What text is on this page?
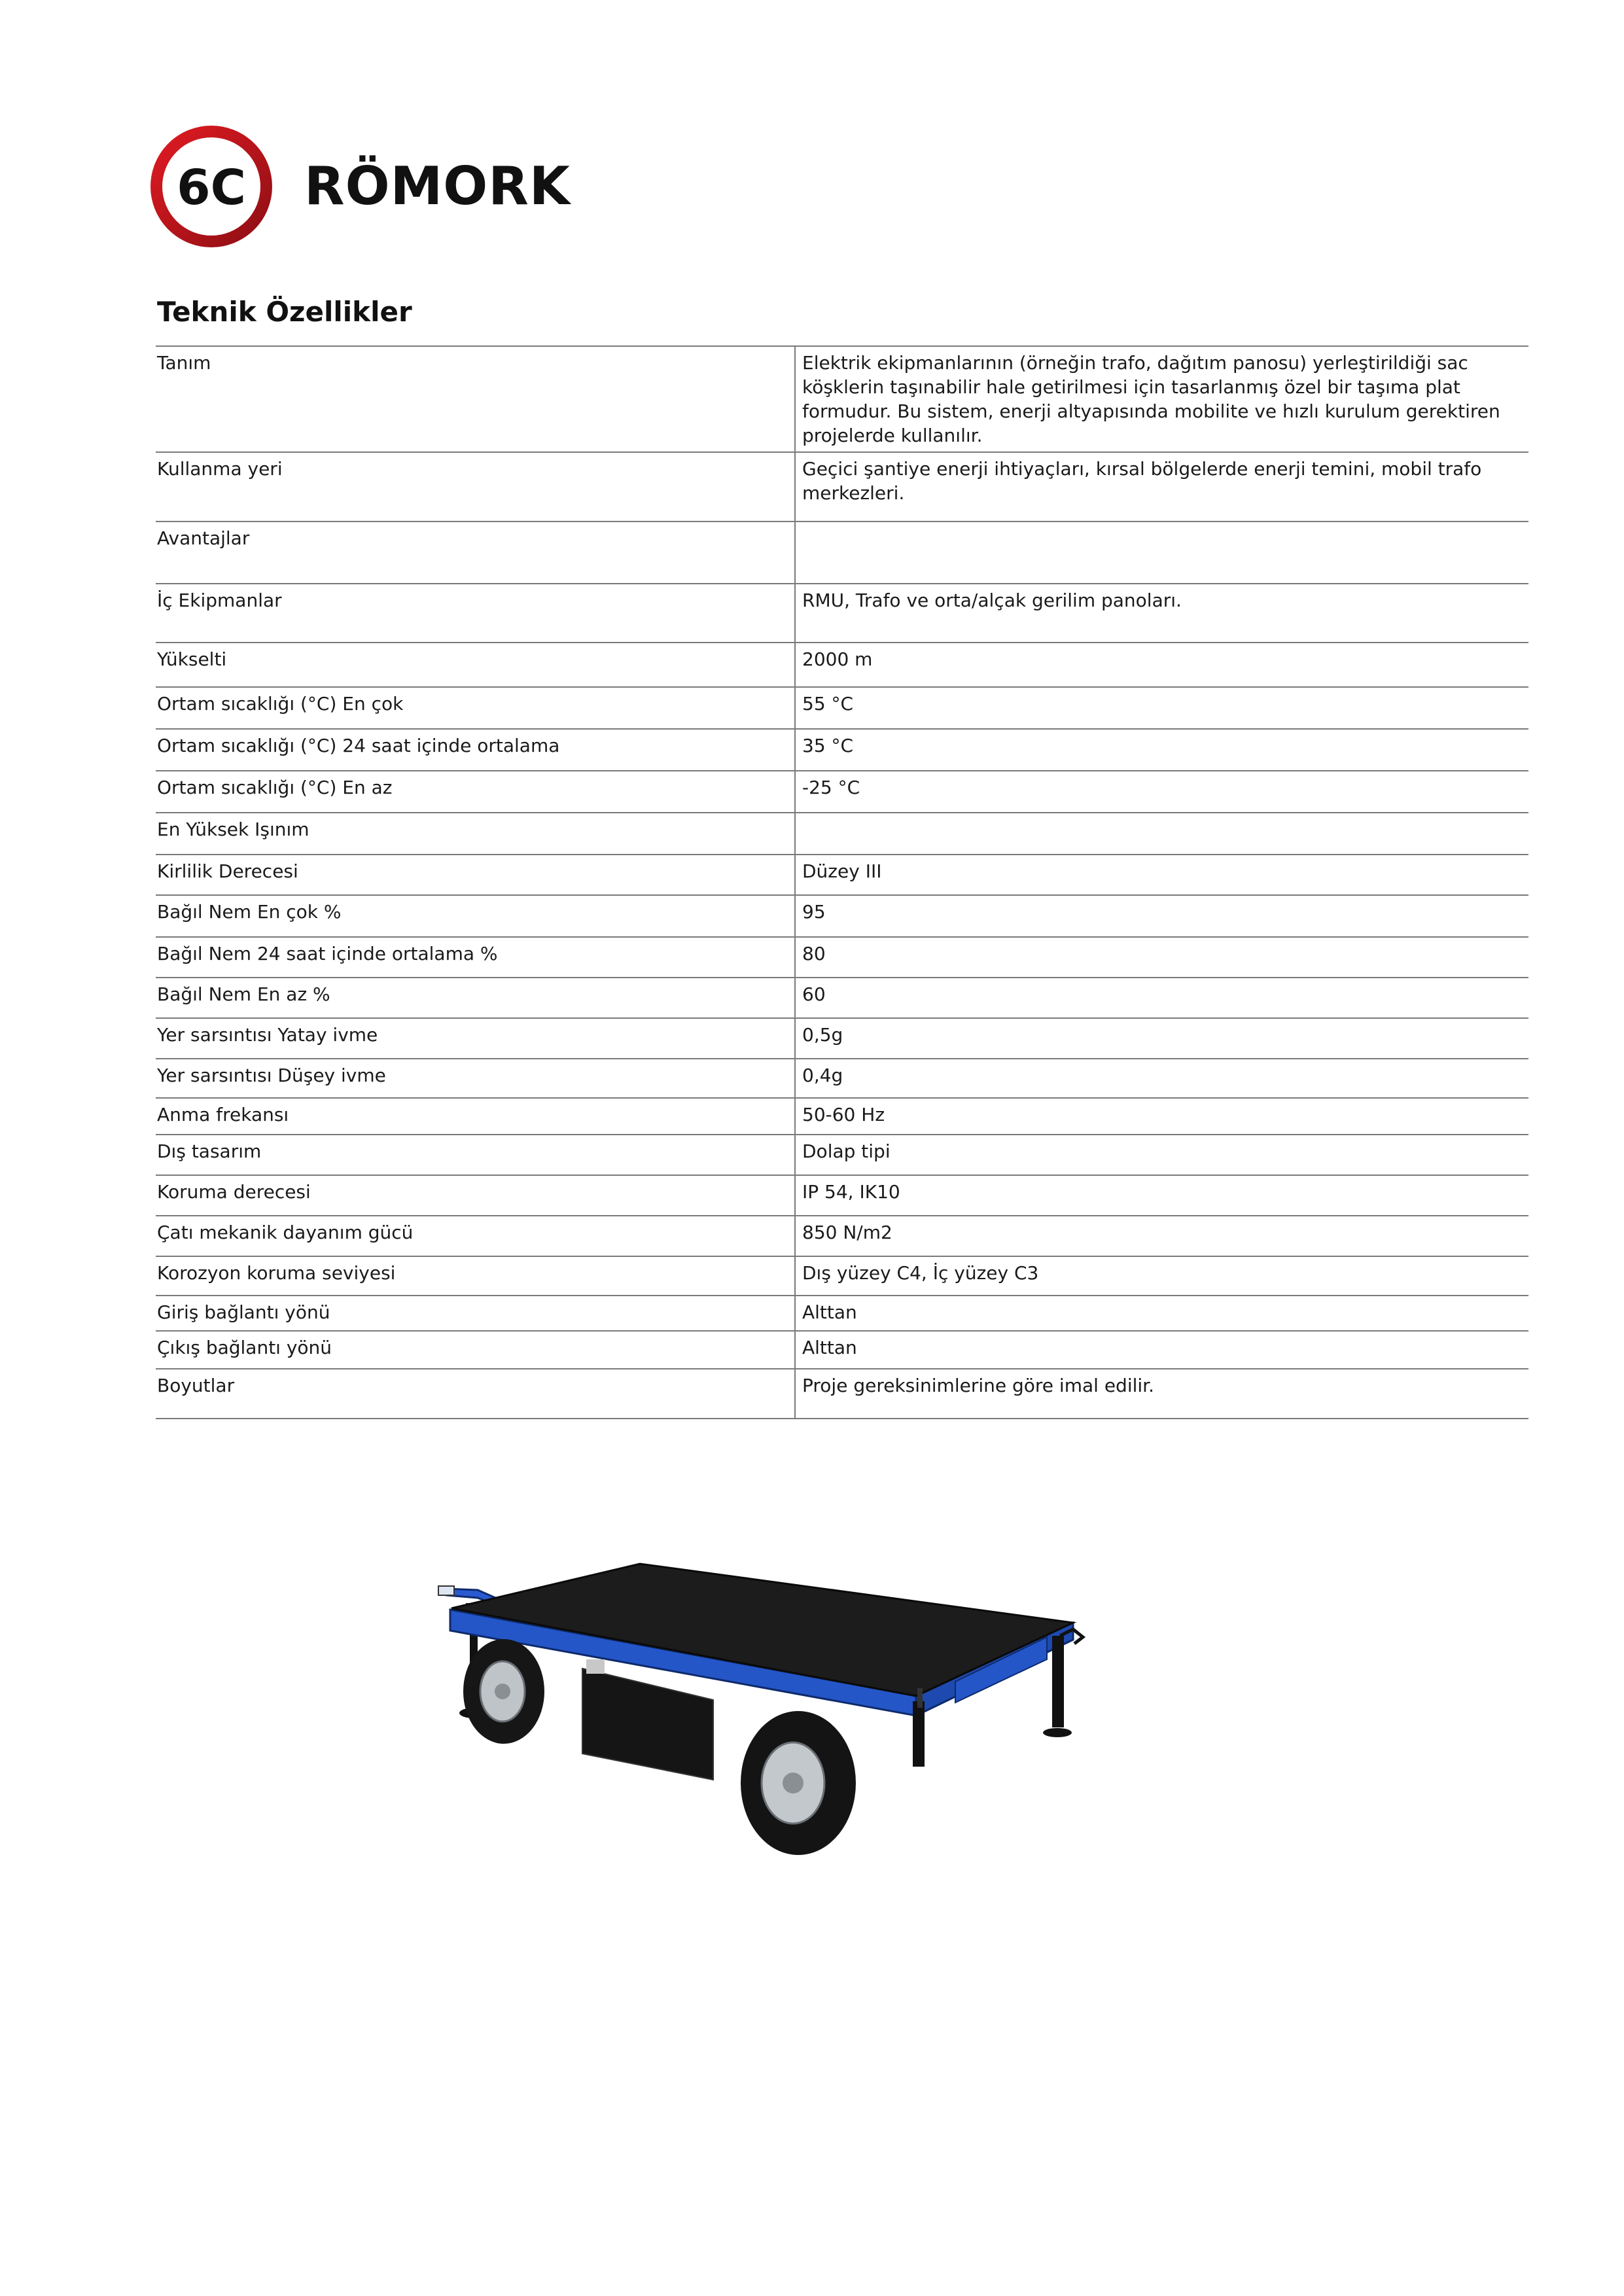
6C RÖMORK
Teknik Özellikler
Tanım	Elektrik ekipmanlarının (örneğin trafo, dağıtım panosu) yerleştirildiği sac köşklerin taşınabilir hale getirilmesi için tasarlanmış özel bir taşıma plat formudur. Bu sistem, enerji altyapısında mobilite ve hızlı kurulum gerektiren projelerde kullanılır.
Kullanma yeri	Geçici şantiye enerji ihtiyaçları, kırsal bölgelerde enerji temini, mobil trafo merkezleri.
Avantajlar	
İç Ekipmanlar	RMU, Trafo ve orta/alçak gerilim panoları.
Yükselti	2000 m
Ortam sıcaklığı (°C) En çok	55 °C
Ortam sıcaklığı (°C) 24 saat içinde ortalama	35 °C
Ortam sıcaklığı (°C) En az	-25 °C
En Yüksek Işınım	
Kirlilik Derecesi	Düzey III
Bağıl Nem En çok %	95
Bağıl Nem 24 saat içinde ortalama %	80
Bağıl Nem En az %	60
Yer sarsıntısı Yatay ivme	0,5g
Yer sarsıntısı Düşey ivme	0,4g
Anma frekansı	50-60 Hz
Dış tasarım	Dolap tipi
Koruma derecesi	IP 54, IK10
Çatı mekanik dayanım gücü	850 N/m2
Korozyon koruma seviyesi	Dış yüzey C4, İç yüzey C3
Giriş bağlantı yönü	Alttan
Çıkış bağlantı yönü	Alttan
Boyutlar	Proje gereksinimlerine göre imal edilir.
